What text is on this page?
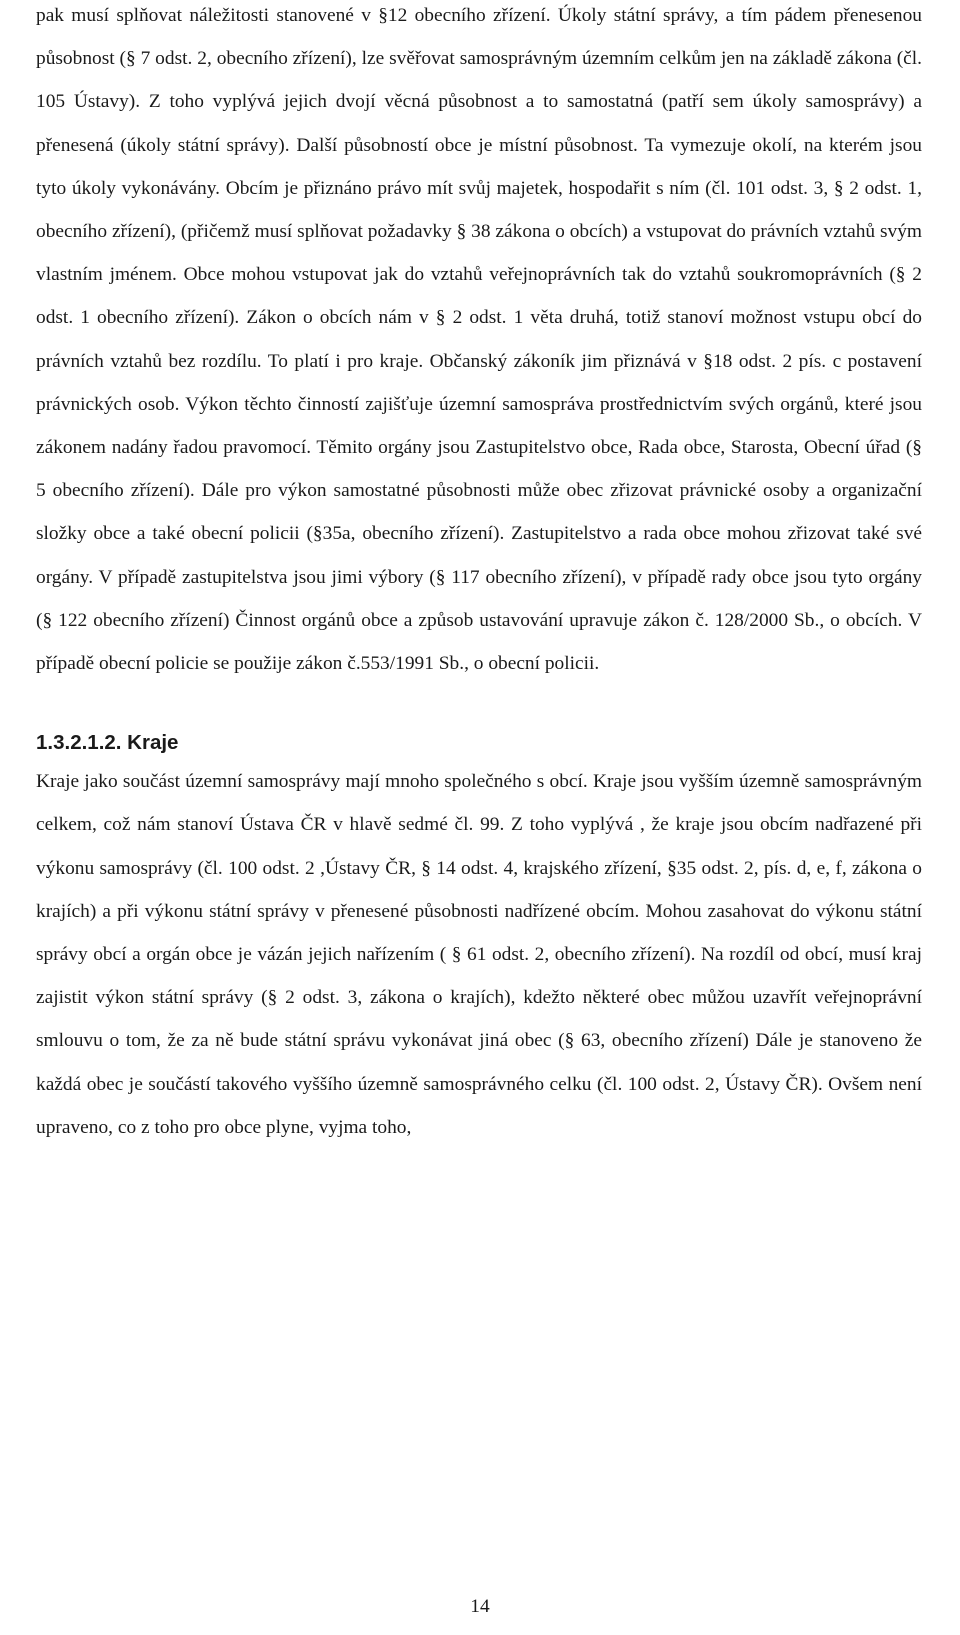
pak musí splňovat náležitosti stanovené v §12 obecního zřízení. Úkoly státní správy, a tím pádem přenesenou působnost (§ 7 odst. 2, obecního zřízení), lze svěřovat samosprávným územním celkům jen na základě zákona (čl. 105 Ústavy). Z toho vyplývá jejich dvojí věcná působnost a to samostatná (patří sem úkoly samosprávy) a přenesená (úkoly státní správy). Další působností obce je místní působnost. Ta vymezuje okolí, na kterém jsou tyto úkoly vykonávány. Obcím je přiznáno právo mít svůj majetek, hospodařit s ním (čl. 101 odst. 3, § 2 odst. 1, obecního zřízení), (přičemž musí splňovat požadavky § 38 zákona o obcích) a vstupovat do právních vztahů svým vlastním jménem. Obce mohou vstupovat jak do vztahů veřejnoprávních tak do vztahů soukromoprávních (§ 2 odst. 1 obecního zřízení). Zákon o obcích nám v § 2 odst. 1 věta druhá, totiž stanoví možnost vstupu obcí do právních vztahů bez rozdílu. To platí i pro kraje. Občanský zákoník jim přiznává v §18 odst. 2 pís. c postavení právnických osob. Výkon těchto činností zajišťuje územní samospráva prostřednictvím svých orgánů, které jsou zákonem nadány řadou pravomocí. Těmito orgány jsou Zastupitelstvo obce, Rada obce, Starosta, Obecní úřad (§ 5 obecního zřízení). Dále pro výkon samostatné působnosti může obec zřizovat právnické osoby a organizační složky obce a také obecní policii (§35a, obecního zřízení). Zastupitelstvo a rada obce mohou zřizovat také své orgány. V případě zastupitelstva jsou jimi výbory (§ 117 obecního zřízení), v případě rady obce jsou tyto orgány (§ 122 obecního zřízení) Činnost orgánů obce a způsob ustavování upravuje zákon č. 128/2000 Sb., o obcích. V případě obecní policie se použije zákon č.553/1991 Sb., o obecní policii.

1.3.2.1.2. Kraje

Kraje jako součást územní samosprávy mají mnoho společného s obcí. Kraje jsou vyšším územně samosprávným celkem, což nám stanoví Ústava ČR v hlavě sedmé čl. 99. Z toho vyplývá , že kraje jsou obcím nadřazené při výkonu samosprávy (čl. 100 odst. 2 ,Ústavy ČR, § 14 odst. 4, krajského zřízení, §35 odst. 2, pís. d, e, f, zákona o krajích) a při výkonu státní správy v přenesené působnosti nadřízené obcím. Mohou zasahovat do výkonu státní správy obcí a orgán obce je vázán jejich nařízením ( § 61 odst. 2, obecního zřízení). Na rozdíl od obcí, musí kraj zajistit výkon státní správy (§ 2 odst. 3, zákona o krajích), kdežto některé obec můžou uzavřít veřejnoprávní smlouvu o tom, že za ně bude státní správu vykonávat jiná obec (§ 63, obecního zřízení) Dále je stanoveno že každá obec je součástí takového vyššího územně samosprávného celku (čl. 100 odst. 2, Ústavy ČR). Ovšem není upraveno, co z toho pro obce plyne, vyjma toho,

14
